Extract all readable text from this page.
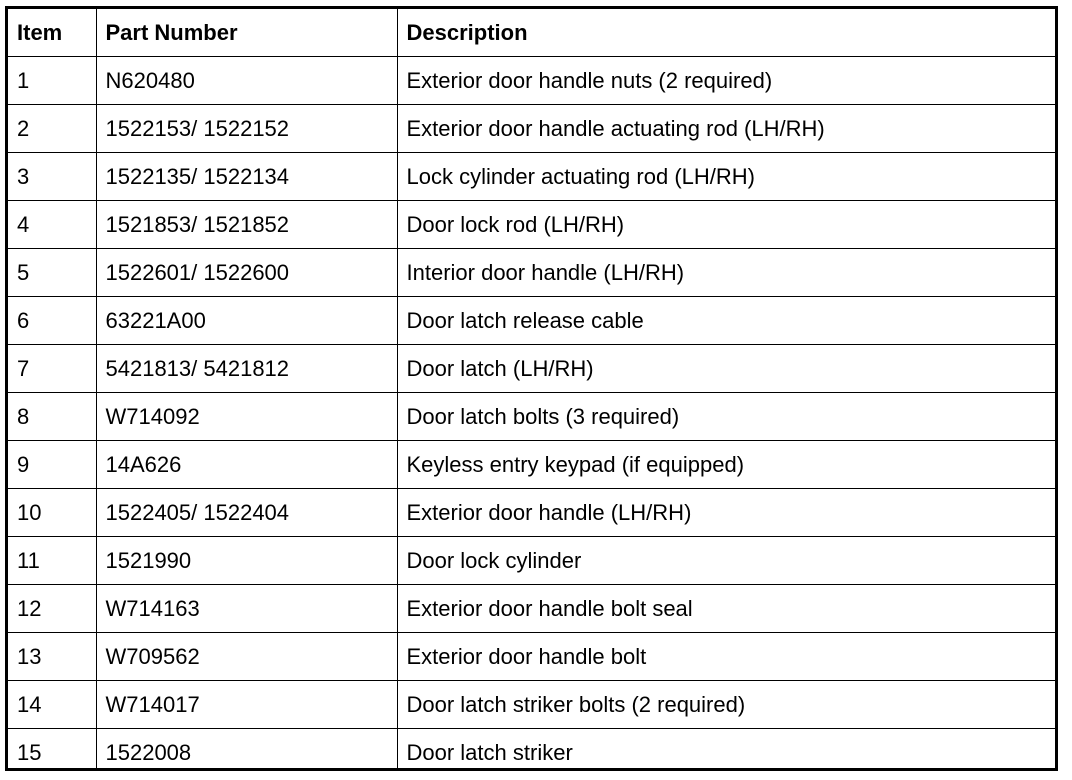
Item	Part Number	Description
1	N620480	Exterior door handle nuts (2 required)
2	1522153/ 1522152	Exterior door handle actuating rod (LH/RH)
3	1522135/ 1522134	Lock cylinder actuating rod (LH/RH)
4	1521853/ 1521852	Door lock rod (LH/RH)
5	1522601/ 1522600	Interior door handle (LH/RH)
6	63221A00	Door latch release cable
7	5421813/ 5421812	Door latch (LH/RH)
8	W714092	Door latch bolts (3 required)
9	14A626	Keyless entry keypad (if equipped)
10	1522405/ 1522404	Exterior door handle (LH/RH)
11	1521990	Door lock cylinder
12	W714163	Exterior door handle bolt seal
13	W709562	Exterior door handle bolt
14	W714017	Door latch striker bolts (2 required)
15	1522008	Door latch striker
